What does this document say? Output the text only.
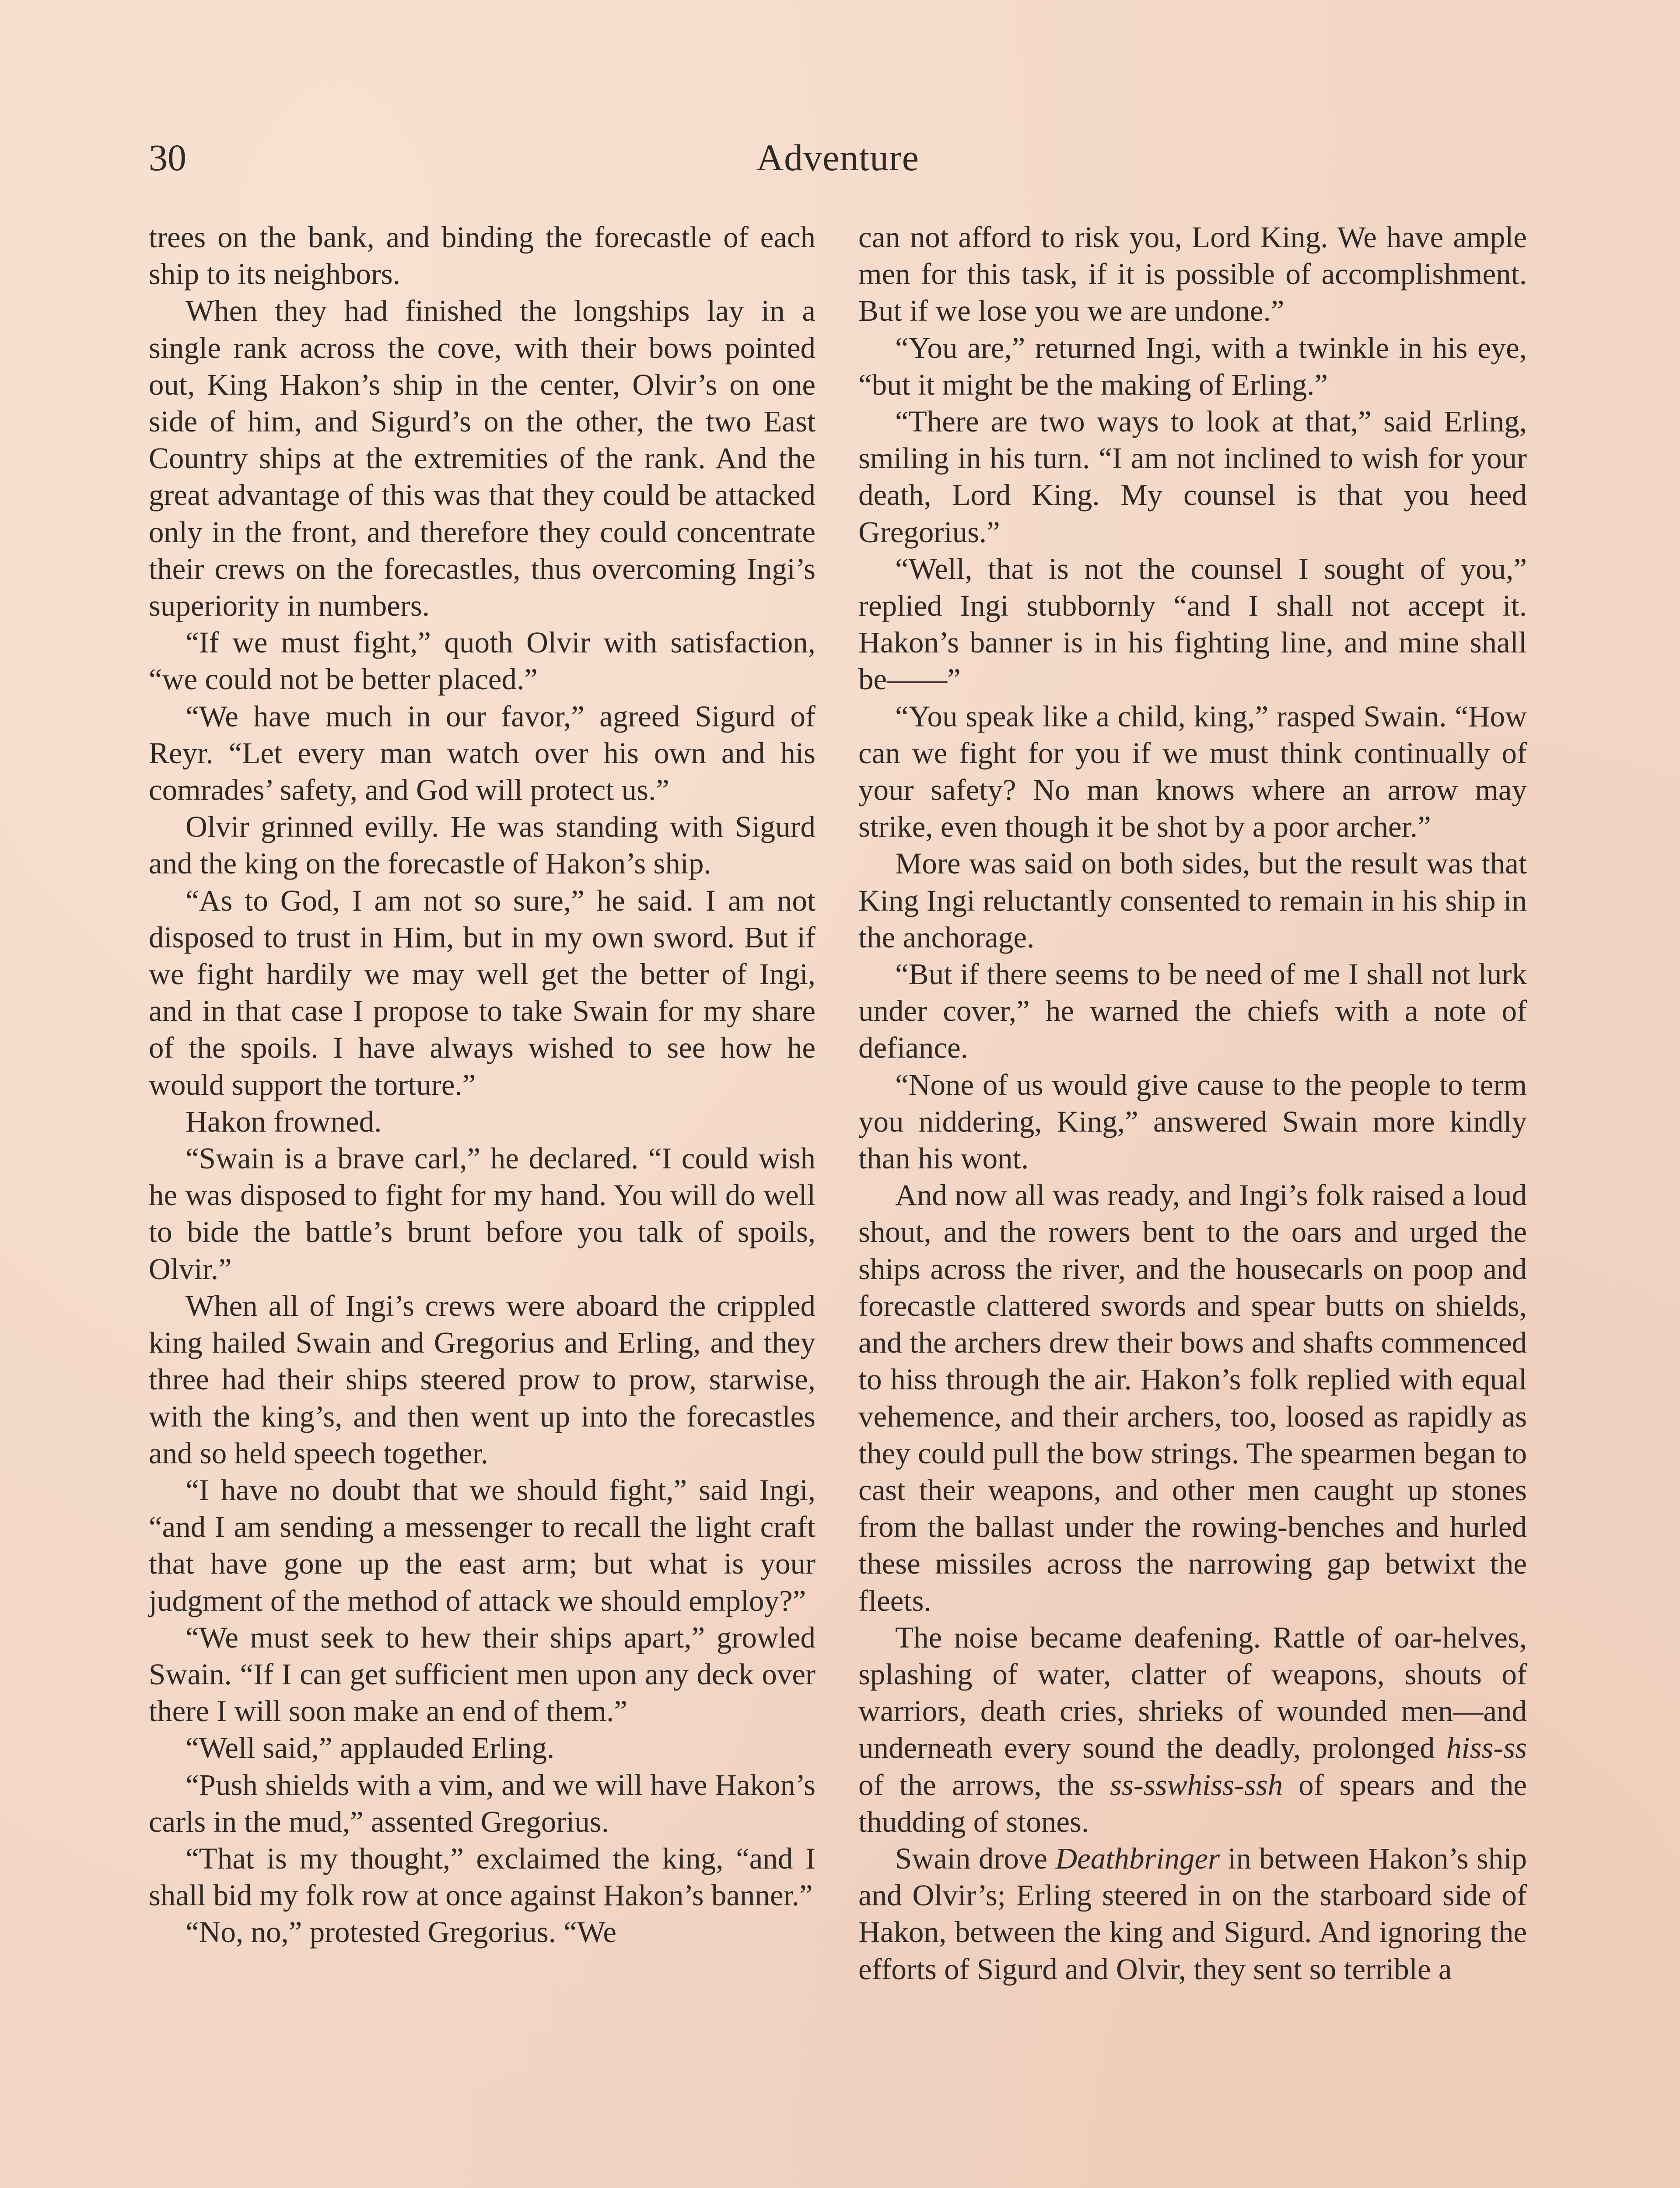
Adventure
30

trees on the bank, and binding the forecastle of each ship to its neighbors.

When they had finished the longships lay in a single rank across the cove, with their bows pointed out, King Hakon’s ship in the center, Olvir’s on one side of him, and Sigurd’s on the other, the two East Country ships at the extremities of the rank. And the great advantage of this was that they could be attacked only in the front, and therefore they could concentrate their crews on the forecastles, thus overcoming Ingi’s superiority in numbers.

“If we must fight,” quoth Olvir with satisfaction, “we could not be better placed.”

“We have much in our favor,” agreed Sigurd of Reyr. “Let every man watch over his own and his comrades’ safety, and God will protect us.”

Olvir grinned evilly. He was standing with Sigurd and the king on the forecastle of Hakon’s ship.

“As to God, I am not so sure,” he said. I am not disposed to trust in Him, but in my own sword. But if we fight hardily we may well get the better of Ingi, and in that case I propose to take Swain for my share of the spoils. I have always wished to see how he would support the torture.”

Hakon frowned.

“Swain is a brave carl,” he declared. “I could wish he was disposed to fight for my hand. You will do well to bide the battle’s brunt before you talk of spoils, Olvir.”

When all of Ingi’s crews were aboard the crippled king hailed Swain and Gregorius and Erling, and they three had their ships steered prow to prow, starwise, with the king’s, and then went up into the forecastles and so held speech together.

“I have no doubt that we should fight,” said Ingi, “and I am sending a messenger to recall the light craft that have gone up the east arm; but what is your judgment of the method of attack we should employ?”

“We must seek to hew their ships apart,” growled Swain. “If I can get sufficient men upon any deck over there I will soon make an end of them.”

“Well said,” applauded Erling.

“Push shields with a vim, and we will have Hakon’s carls in the mud,” assented Gregorius.

“That is my thought,” exclaimed the king, “and I shall bid my folk row at once against Hakon’s banner.”

“No, no,” protested Gregorius. “We

can not afford to risk you, Lord King. We have ample men for this task, if it is possible of accomplishment. But if we lose you we are undone.”

“You are,” returned Ingi, with a twinkle in his eye, “but it might be the making of Erling.”

“There are two ways to look at that,” said Erling, smiling in his turn. “I am not inclined to wish for your death, Lord King. My counsel is that you heed Gregorius.”

“Well, that is not the counsel I sought of you,” replied Ingi stubbornly “and I shall not accept it. Hakon’s banner is in his fighting line, and mine shall be——”

“You speak like a child, king,” rasped Swain. “How can we fight for you if we must think continually of your safety? No man knows where an arrow may strike, even though it be shot by a poor archer.”

More was said on both sides, but the result was that King Ingi reluctantly consented to remain in his ship in the anchorage.

“But if there seems to be need of me I shall not lurk under cover,” he warned the chiefs with a note of defiance.

“None of us would give cause to the people to term you niddering, King,” answered Swain more kindly than his wont.

And now all was ready, and Ingi’s folk raised a loud shout, and the rowers bent to the oars and urged the ships across the river, and the housecarls on poop and forecastle clattered swords and spear butts on shields, and the archers drew their bows and shafts commenced to hiss through the air. Hakon’s folk replied with equal vehemence, and their archers, too, loosed as rapidly as they could pull the bow strings. The spearmen began to cast their weapons, and other men caught up stones from the ballast under the rowing-benches and hurled these missiles across the narrowing gap betwixt the fleets.

The noise became deafening. Rattle of oar-helves, splashing of water, clatter of weapons, shouts of warriors, death cries, shrieks of wounded men—and underneath every sound the deadly, prolonged hiss-ss of the arrows, the ss-sswhiss-ssh of spears and the thudding of stones.

Swain drove Deathbringer in between Hakon’s ship and Olvir’s; Erling steered in on the starboard side of Hakon, between the king and Sigurd. And ignoring the efforts of Sigurd and Olvir, they sent so terrible a
